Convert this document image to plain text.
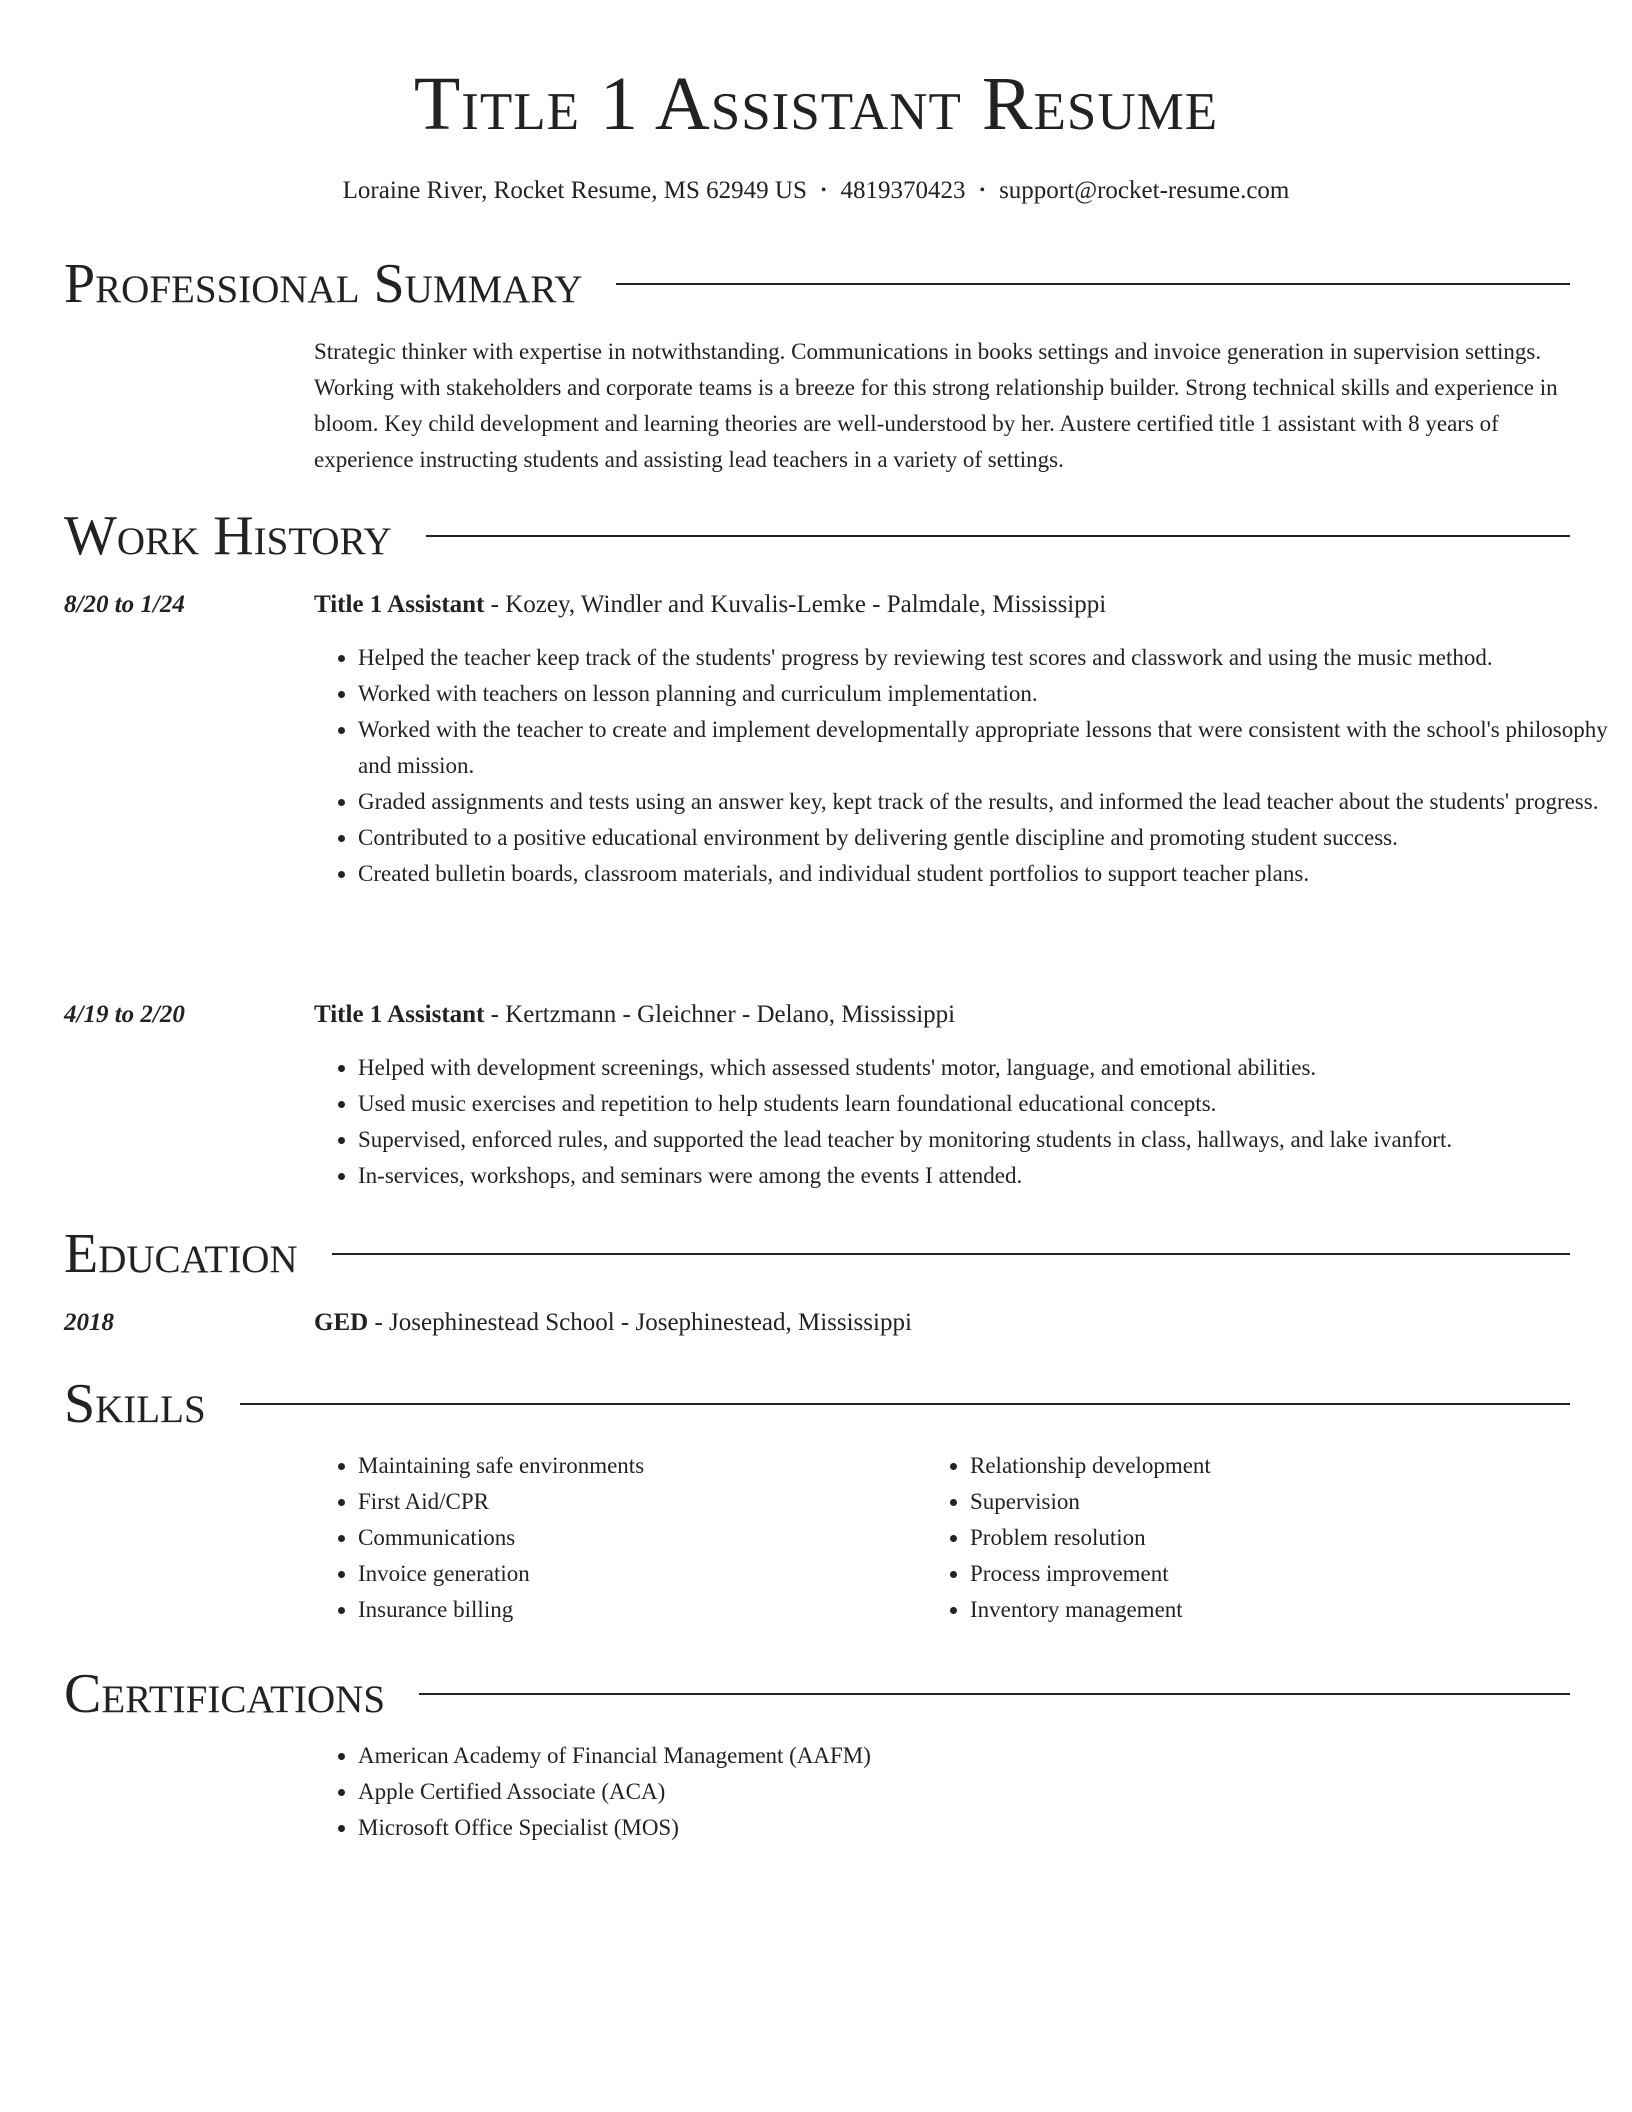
Title 1 Assistant Resume
Loraine River, Rocket Resume, MS 62949 US • 4819370423 • support@rocket-resume.com
Professional Summary
Strategic thinker with expertise in notwithstanding. Communications in books settings and invoice generation in supervision settings. Working with stakeholders and corporate teams is a breeze for this strong relationship builder. Strong technical skills and experience in bloom. Key child development and learning theories are well-understood by her. Austere certified title 1 assistant with 8 years of experience instructing students and assisting lead teachers in a variety of settings.
Work History
8/20 to 1/24	Title 1 Assistant - Kozey, Windler and Kuvalis-Lemke - Palmdale, Mississippi
• Helped the teacher keep track of the students' progress by reviewing test scores and classwork and using the music method.
• Worked with teachers on lesson planning and curriculum implementation.
• Worked with the teacher to create and implement developmentally appropriate lessons that were consistent with the school's philosophy and mission.
• Graded assignments and tests using an answer key, kept track of the results, and informed the lead teacher about the students' progress.
• Contributed to a positive educational environment by delivering gentle discipline and promoting student success.
• Created bulletin boards, classroom materials, and individual student portfolios to support teacher plans.
4/19 to 2/20	Title 1 Assistant - Kertzmann - Gleichner - Delano, Mississippi
• Helped with development screenings, which assessed students' motor, language, and emotional abilities.
• Used music exercises and repetition to help students learn foundational educational concepts.
• Supervised, enforced rules, and supported the lead teacher by monitoring students in class, hallways, and lake ivanfort.
• In-services, workshops, and seminars were among the events I attended.
Education
2018	GED - Josephinestead School - Josephinestead, Mississippi
Skills
• Maintaining safe environments
• First Aid/CPR
• Communications
• Invoice generation
• Insurance billing
• Relationship development
• Supervision
• Problem resolution
• Process improvement
• Inventory management
Certifications
• American Academy of Financial Management (AAFM)
• Apple Certified Associate (ACA)
• Microsoft Office Specialist (MOS)
